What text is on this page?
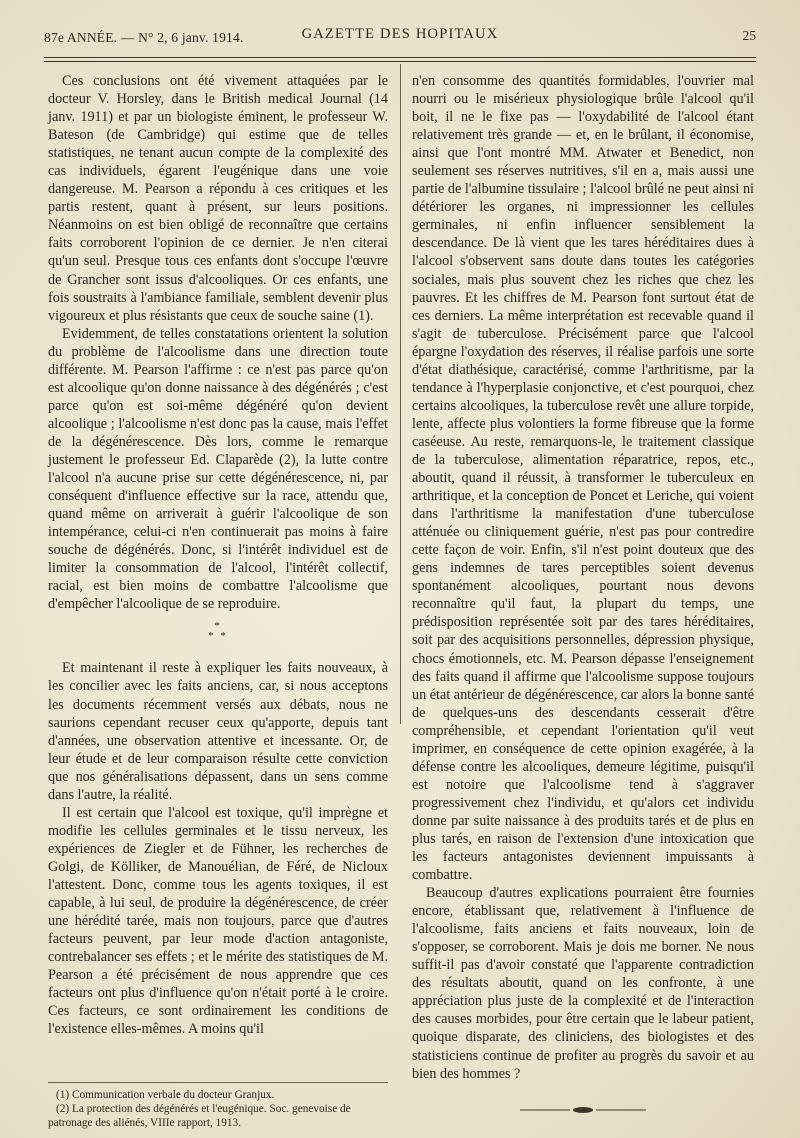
87e ANNÉE. — N° 2, 6 janv. 1914.	GAZETTE DES HOPITAUX	25

Ces conclusions ont été vivement attaquées par le docteur V. Horsley, dans le British medical Journal (14 janv. 1911) et par un biologiste éminent, le professeur W. Bateson (de Cambridge) qui estime que de telles statistiques, ne tenant aucun compte de la complexité des cas individuels, égarent l'eugénique dans une voie dangereuse. M. Pearson a répondu à ces critiques et les partis restent, quant à présent, sur leurs positions. Néanmoins on est bien obligé de reconnaître que certains faits corroborent l'opinion de ce dernier. Je n'en citerai qu'un seul. Presque tous ces enfants dont s'occupe l'œuvre de Grancher sont issus d'alcooliques. Or ces enfants, une fois soustraits à l'ambiance familiale, semblent devenir plus vigoureux et plus résistants que ceux de souche saine (1).

Evidemment, de telles constatations orientent la solution du problème de l'alcoolisme dans une direction toute différente. M. Pearson l'affirme : ce n'est pas parce qu'on est alcoolique qu'on donne naissance à des dégénérés ; c'est parce qu'on est soi-même dégénéré qu'on devient alcoolique ; l'alcoolisme n'est donc pas la cause, mais l'effet de la dégénérescence. Dès lors, comme le remarque justement le professeur Ed. Claparède (2), la lutte contre l'alcool n'a aucune prise sur cette dégénérescence, ni, par conséquent d'influence effective sur la race, attendu que, quand même on arriverait à guérir l'alcoolique de son intempérance, celui-ci n'en continuerait pas moins à faire souche de dégénérés. Donc, si l'intérêt individuel est de limiter la consommation de l'alcool, l'intérêt collectif, racial, est bien moins de combattre l'alcoolisme que d'empêcher l'alcoolique de se reproduire.

*
* *

Et maintenant il reste à expliquer les faits nouveaux, à les concilier avec les faits anciens, car, si nous acceptons les documents récemment versés aux débats, nous ne saurions cependant recuser ceux qu'apporte, depuis tant d'années, une observation attentive et incessante. Or, de leur étude et de leur comparaison résulte cette conviction que nos généralisations dépassent, dans un sens comme dans l'autre, la réalité.

Il est certain que l'alcool est toxique, qu'il imprègne et modifie les cellules germinales et le tissu nerveux, les expériences de Ziegler et de Fühner, les recherches de Golgi, de Kölliker, de Manouélian, de Féré, de Nicloux l'attestent. Donc, comme tous les agents toxiques, il est capable, à lui seul, de produire la dégénérescence, de créer une hérédité tarée, mais non toujours, parce que d'autres facteurs peuvent, par leur mode d'action antagoniste, contrebalancer ses effets ; et le mérite des statistiques de M. Pearson a été précisément de nous apprendre que ces facteurs ont plus d'influence qu'on n'était porté à le croire. Ces facteurs, ce sont ordinairement les conditions de l'existence elles-mêmes. A moins qu'il

(1) Communication verbale du docteur Granjux.

(2) La protection des dégénérés et l'eugénique. Soc. genevoise de patronage des aliénés, VIIIe rapport, 1913.

n'en consomme des quantités formidables, l'ouvrier mal nourri ou le misérieux physiologique brûle l'alcool qu'il boit, il ne le fixe pas — l'oxydabilité de l'alcool étant relativement très grande — et, en le brûlant, il économise, ainsi que l'ont montré MM. Atwater et Benedict, non seulement ses réserves nutritives, s'il en a, mais aussi une partie de l'albumine tissulaire ; l'alcool brûlé ne peut ainsi ni détériorer les organes, ni impressionner les cellules germinales, ni enfin influencer sensiblement la descendance. De là vient que les tares héréditaires dues à l'alcool s'observent sans doute dans toutes les catégories sociales, mais plus souvent chez les riches que chez les pauvres. Et les chiffres de M. Pearson font surtout état de ces derniers. La même interprétation est recevable quand il s'agit de tuberculose. Précisément parce que l'alcool épargne l'oxydation des réserves, il réalise parfois une sorte d'état diathésique, caractérisé, comme l'arthritisme, par la tendance à l'hyperplasie conjonctive, et c'est pourquoi, chez certains alcooliques, la tuberculose revêt une allure torpide, lente, affecte plus volontiers la forme fibreuse que la forme caséeuse. Au reste, remarquons-le, le traitement classique de la tuberculose, alimentation réparatrice, repos, etc., aboutit, quand il réussit, à transformer le tuberculeux en arthritique, et la conception de Poncet et Leriche, qui voient dans l'arthritisme la manifestation d'une tuberculose atténuée ou cliniquement guérie, n'est pas pour contredire cette façon de voir. Enfin, s'il n'est point douteux que des gens indemnes de tares perceptibles soient devenus spontanément alcooliques, pourtant nous devons reconnaître qu'il faut, la plupart du temps, une prédisposition représentée soit par des tares héréditaires, soit par des acquisitions personnelles, dépression physique, chocs émotionnels, etc. M. Pearson dépasse l'enseignement des faits quand il affirme que l'alcoolisme suppose toujours un état antérieur de dégénérescence, car alors la bonne santé de quelques-uns des descendants cesserait d'être compréhensible, et cependant l'orientation qu'il veut imprimer, en conséquence de cette opinion exagérée, à la défense contre les alcooliques, demeure légitime, puisqu'il est notoire que l'alcoolisme tend à s'aggraver progressivement chez l'individu, et qu'alors cet individu donne par suite naissance à des produits tarés et de plus en plus tarés, en raison de l'extension d'une intoxication que les facteurs antagonistes deviennent impuissants à combattre.

Beaucoup d'autres explications pourraient être fournies encore, établissant que, relativement à l'influence de l'alcoolisme, faits anciens et faits nouveaux, loin de s'opposer, se corroborent. Mais je dois me borner. Ne nous suffit-il pas d'avoir constaté que l'apparente contradiction des résultats aboutit, quand on les confronte, à une appréciation plus juste de la complexité et de l'interaction des causes morbides, pour être certain que le labeur patient, quoique disparate, des cliniciens, des biologistes et des statisticiens continue de profiter au progrès du savoir et au bien des hommes ?
